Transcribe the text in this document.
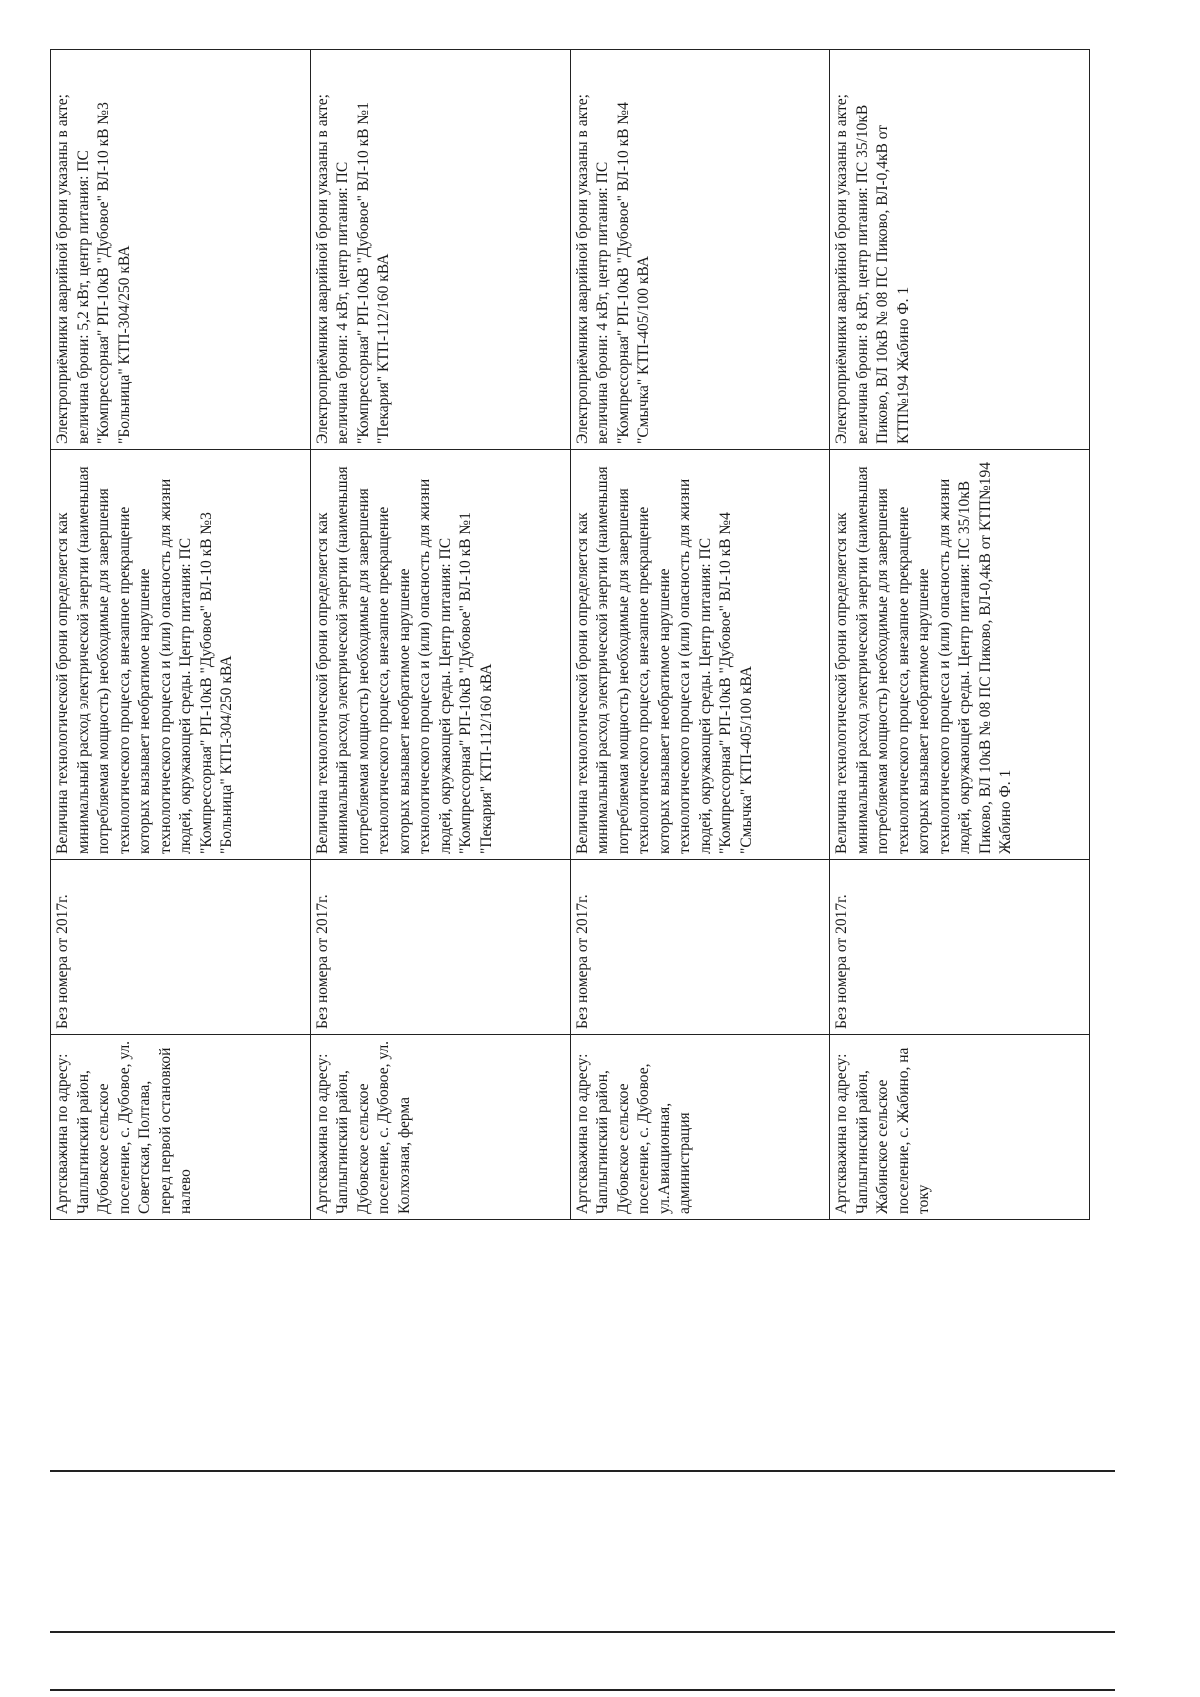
Артскважина по адресу: Чаплыгинский район, Дубовское сельское поселение, с. Дубовое, ул. Советская, Полтава, перед первой остановкой налево	Без номера от 2017г.	Величина технологической брони определяется как минимальный расход электрической энергии (наименьшая потребляемая мощность) необходимые для завершения технологического процесса, внезапное прекращение которых вызывает необратимое нарушение технологического процесса и (или) опасность для жизни людей, окружающей среды. Центр питания: ПС "Компрессорная" РП-10кВ "Дубовое" ВЛ-10 кВ №3 "Больница" КТП-304/250 кВА	Электроприёмники аварийной брони указаны в акте; величина брони: 5,2 кВт, центр питания: ПС "Компрессорная" РП-10кВ "Дубовое" ВЛ-10 кВ №3 "Больница" КТП-304/250 кВА
Артскважина по адресу: Чаплыгинский район, Дубовское сельское поселение, с. Дубовое, ул. Колхозная, ферма	Без номера от 2017г.	Величина технологической брони определяется как минимальный расход электрической энергии (наименьшая потребляемая мощность) необходимые для завершения технологического процесса, внезапное прекращение которых вызывает необратимое нарушение технологического процесса и (или) опасность для жизни людей, окружающей среды. Центр питания: ПС "Компрессорная" РП-10кВ "Дубовое" ВЛ-10 кВ №1 "Пекария" КТП-112/160 кВА	Электроприёмники аварийной брони указаны в акте; величина брони: 4 кВт, центр питания: ПС "Компрессорная" РП-10кВ "Дубовое" ВЛ-10 кВ №1 "Пекария" КТП-112/160 кВА
Артскважина по адресу: Чаплыгинский район, Дубовское сельское поселение, с. Дубовое, ул.Авиационная, администрация	Без номера от 2017г.	Величина технологической брони определяется как минимальный расход электрической энергии (наименьшая потребляемая мощность) необходимые для завершения технологического процесса, внезапное прекращение которых вызывает необратимое нарушение технологического процесса и (или) опасность для жизни людей, окружающей среды. Центр питания: ПС "Компрессорная" РП-10кВ "Дубовое" ВЛ-10 кВ №4 "Смычка" КТП-405/100 кВА	Электроприёмники аварийной брони указаны в акте; величина брони: 4 кВт, центр питания: ПС "Компрессорная" РП-10кВ "Дубовое" ВЛ-10 кВ №4 "Смычка" КТП-405/100 кВА
Артскважина по адресу: Чаплыгинский район, Жабинское сельское поселение, с. Жабино, на току	Без номера от 2017г.	Величина технологической брони определяется как минимальный расход электрической энергии (наименьшая потребляемая мощность) необходимые для завершения технологического процесса, внезапное прекращение которых вызывает необратимое нарушение технологического процесса и (или) опасность для жизни людей, окружающей среды. Центр питания: ПС 35/10кВ Пиково, ВЛ 10кВ № 08 ПС Пиково, ВЛ-0,4кВ от КТП№194 Жабино Ф. 1	Электроприёмники аварийной брони указаны в акте; величина брони: 8 кВт, центр питания: ПС 35/10кВ Пиково, ВЛ 10кВ № 08 ПС Пиково, ВЛ-0,4кВ от КТП№194 Жабино Ф. 1
